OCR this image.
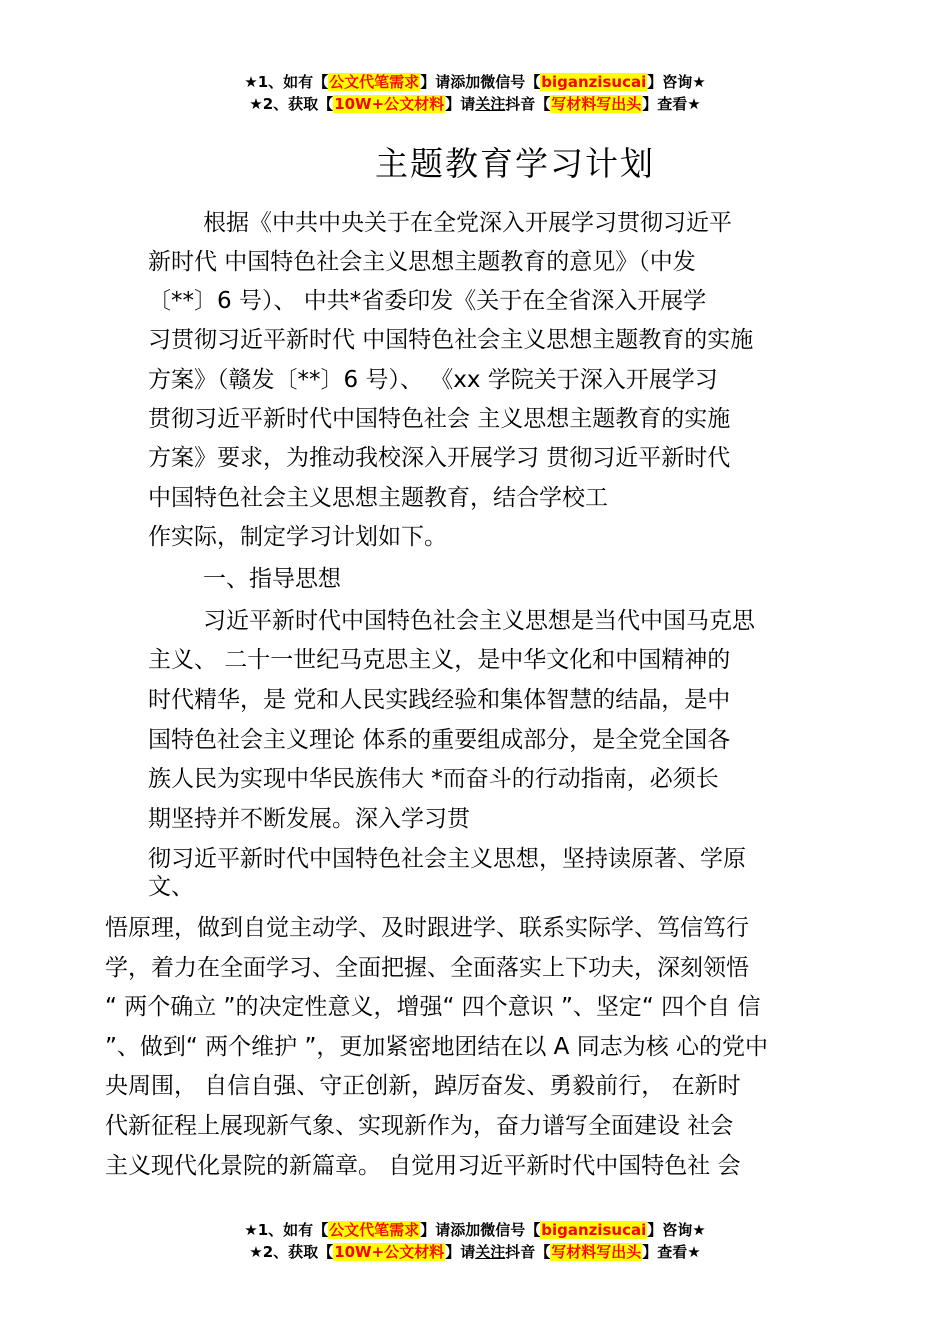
★1、如有【公文代笔需求】请添加微信号【biganzisucai】咨询★
★2、获取【10W+公文材料】请关注抖音【写材料写出头】查看★
主题教育学习计划
根据《中共中央关于在全党深入开展学习贯彻习近平
新时代 中国特色社会主义思想主题教育的意见》（中发
〔**〕6 号）、 中共*省委印发《关于在全省深入开展学
习贯彻习近平新时代 中国特色社会主义思想主题教育的实施
方案》（赣发〔**〕6 号）、 《xx 学院关于深入开展学习
贯彻习近平新时代中国特色社会 主义思想主题教育的实施
方案》要求，为推动我校深入开展学习 贯彻习近平新时代
中国特色社会主义思想主题教育，结合学校工
作实际，制定学习计划如下。
一、指导思想
习近平新时代中国特色社会主义思想是当代中国马克思
主义、 二十一世纪马克思主义，是中华文化和中国精神的
时代精华，是 党和人民实践经验和集体智慧的结晶，是中
国特色社会主义理论 体系的重要组成部分，是全党全国各
族人民为实现中华民族伟大 *而奋斗的行动指南，必须长
期坚持并不断发展。深入学习贯
彻习近平新时代中国特色社会主义思想，坚持读原著、学原
文、
悟原理，做到自觉主动学、及时跟进学、联系实际学、笃信笃行
学，着力在全面学习、全面把握、全面落实上下功夫，深刻领悟
“ 两个确立 ”的决定性意义，增强“ 四个意识 ”、坚定“ 四个自 信
”、做到“ 两个维护 ”，更加紧密地团结在以 A 同志为核 心的党中
央周围， 自信自强、守正创新，踔厉奋发、勇毅前行， 在新时
代新征程上展现新气象、实现新作为，奋力谱写全面建设 社会
主义现代化景院的新篇章。 自觉用习近平新时代中国特色社 会
★1、如有【公文代笔需求】请添加微信号【biganzisucai】咨询★
★2、获取【10W+公文材料】请关注抖音【写材料写出头】查看★
